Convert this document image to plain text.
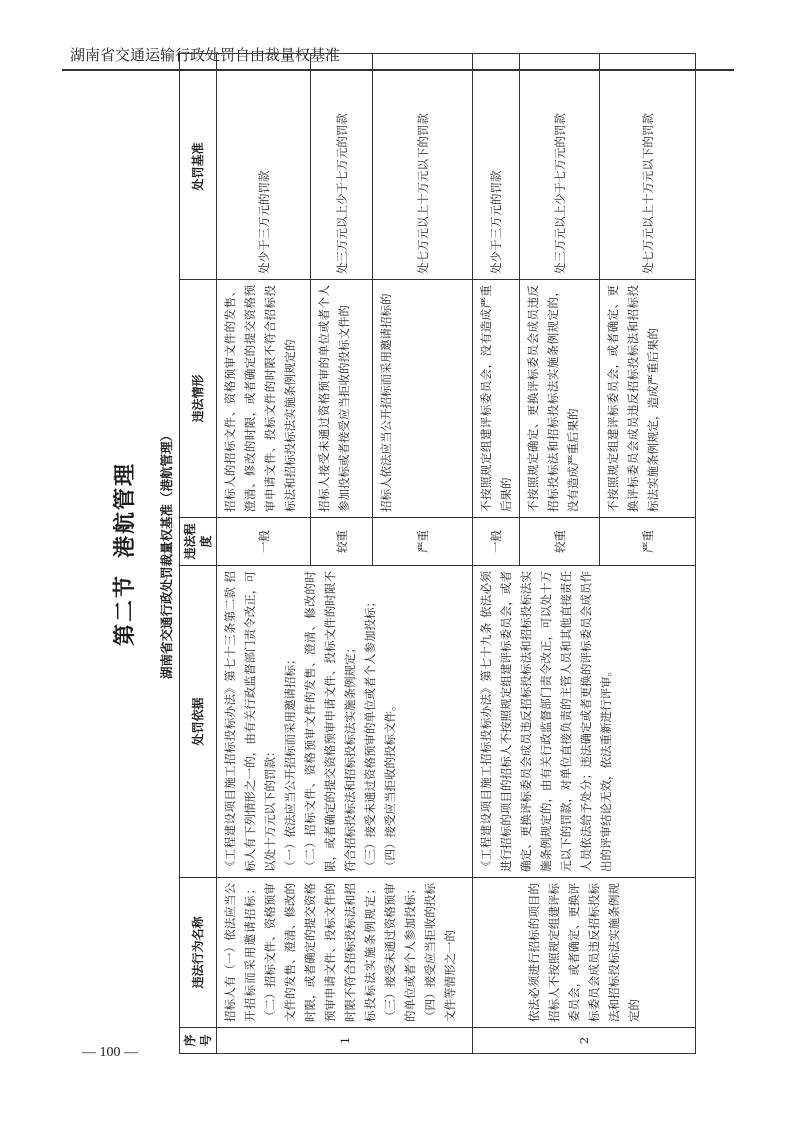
湖南省交通运输行政处罚自由裁量权基准
第二节港航管理 湖南省交通行政处罚裁量权基准（港航管理）
序号	违法行为名称	处罚依据	违法程度	违法情形	处罚基准
1	招标人有（一）依法应当公开招标而采用邀请招标；（二）招标文件、资格预审文件的发售、澄清、修改的时限，或者确定的提交资格预审申请文件、投标文件的时限不符合招标投标法和招标投标法实施条例规定；（三）接受未通过资格预审的单位或者个人参加投标；（四）接受应当拒收的投标文件等情形之一的	《工程建设项目施工招标投标办法》第七十三条第二款 招标人有下列情形之一的，由有关行政监督部门责令改正，可以处十万元以下的罚款： （一）依法应当公开招标而采用邀请招标； （二）招标文件、资格预审文件的发售、澄清、修改的时限，或者确定的提交资格预审申请文件、投标文件的时限不符合招标投标法和招标投标法实施条例规定； （三）接受未通过资格预审的单位或者个人参加投标； （四）接受应当拒收的投标文件。	一般	招标人的招标文件、资格预审文件的发售、澄清、修改的时限，或者确定的提交资格预审申请文件、投标文件的时限不符合招标投标法和招标投标法实施条例规定的	处少于三万元的罚款
			较重	招标人接受未通过资格预审的单位或者个人参加投标或者接受应当拒收的投标文件的	处三万元以上少于七万元的罚款
			严重	招标人依法应当公开招标而采用邀请招标的	处七万元以上十万元以下的罚款
2	依法必须进行招标的项目的招标人不按照规定组建评标委员会，或者确定、更换评标委员会成员违反招标投标法和招标投标法实施条例规定的	《工程建设项目施工招标投标办法》第七十九条 依法必须进行招标的项目的招标人不按照规定组建评标委员会，或者确定、更换评标委员会成员违反招标投标法和招标投标法实施条例规定的，由有关行政监督部门责令改正，可以处十万元以下的罚款，对单位直接负责的主管人员和其他直接责任人员依法给予处分；违法确定或者更换的评标委员会成员作出的评审结论无效，依法重新进行评审。	一般	不按照规定组建评标委员会，没有造成严重后果的	处少于三万元的罚款
			较重	不按照规定确定、更换评标委员会成员违反招标投标法和招标投标法实施条例规定的，没有造成严重后果的	处三万元以上少于七万元的罚款
			严重	不按照规定组建评标委员会，或者确定、更换评标委员会成员违反招标投标法和招标投标法实施条例规定，造成严重后果的	处七万元以上十万元以下的罚款
— 100 —
